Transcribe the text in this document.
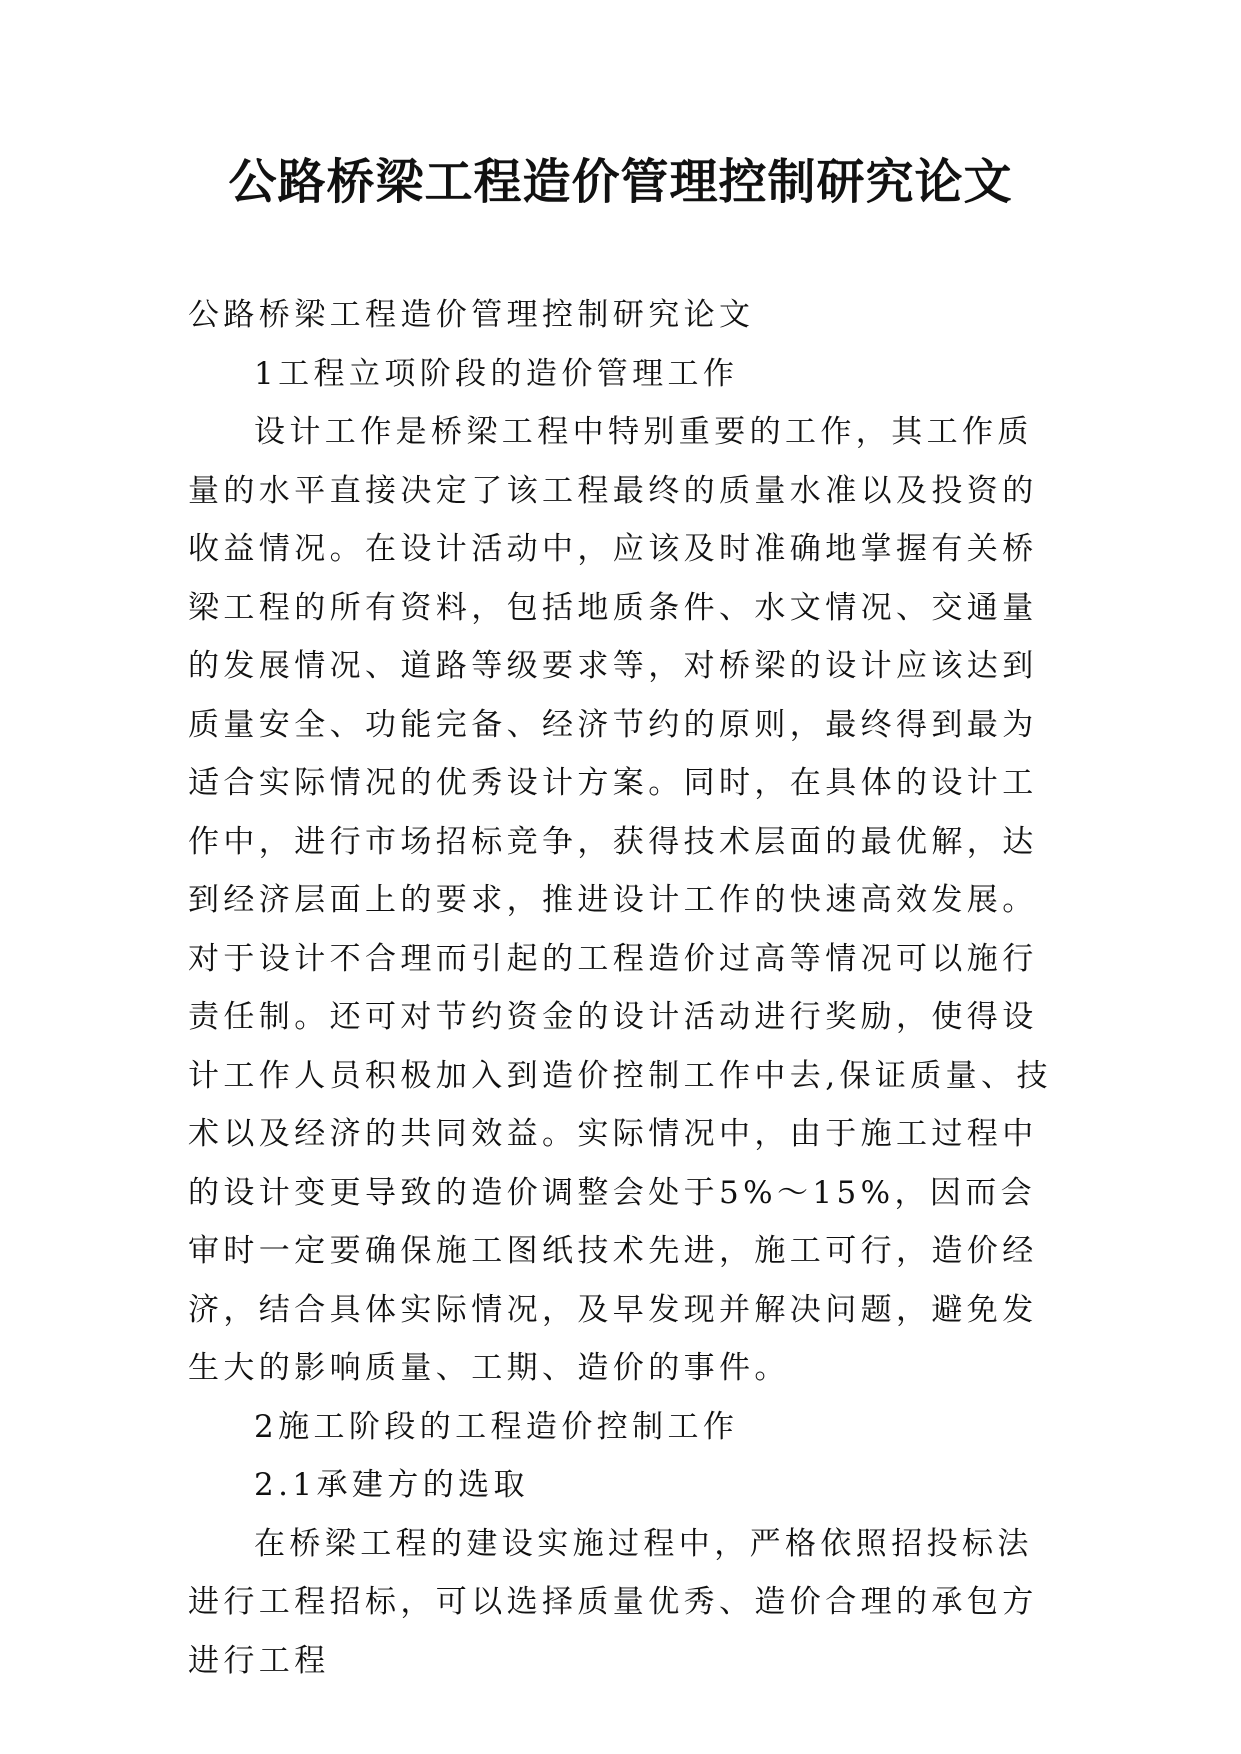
公路桥梁工程造价管理控制研究论文

公路桥梁工程造价管理控制研究论文

1工程立项阶段的造价管理工作

设计工作是桥梁工程中特别重要的工作，其工作质量的水平直接决定了该工程最终的质量水准以及投资的收益情况。在设计活动中，应该及时准确地掌握有关桥梁工程的所有资料，包括地质条件、水文情况、交通量的发展情况、道路等级要求等，对桥梁的设计应该达到质量安全、功能完备、经济节约的原则，最终得到最为适合实际情况的优秀设计方案。同时，在具体的设计工作中，进行市场招标竞争，获得技术层面的最优解，达到经济层面上的要求，推进设计工作的快速高效发展。对于设计不合理而引起的工程造价过高等情况可以施行责任制。还可对节约资金的设计活动进行奖励，使得设计工作人员积极加入到造价控制工作中去,保证质量、技术以及经济的共同效益。实际情况中，由于施工过程中的设计变更导致的造价调整会处于5%～15%，因而会审时一定要确保施工图纸技术先进，施工可行，造价经济，结合具体实际情况，及早发现并解决问题，避免发生大的影响质量、工期、造价的事件。

2施工阶段的工程造价控制工作

2.1承建方的选取

在桥梁工程的建设实施过程中，严格依照招投标法进行工程招标，可以选择质量优秀、造价合理的承包方进行工程
